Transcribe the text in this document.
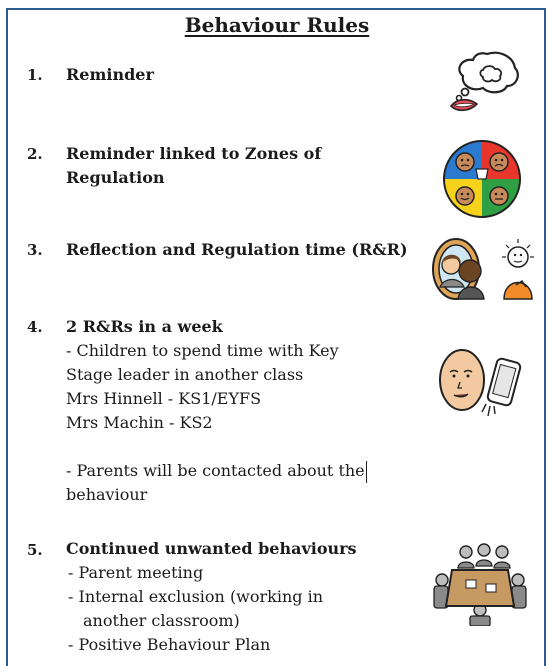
Behaviour Rules
1. Reminder
2. Reminder linked to Zones of
Regulation
3. Reflection and Regulation time (R&R)
4. 2 R&Rs in a week
- Children to spend time with Key
Stage leader in another class
Mrs Hinnell - KS1/EYFS
Mrs Machin - KS2
- Parents will be contacted about the
behaviour
5. Continued unwanted behaviours
- Parent meeting
- Internal exclusion (working in
another classroom)
- Positive Behaviour Plan
